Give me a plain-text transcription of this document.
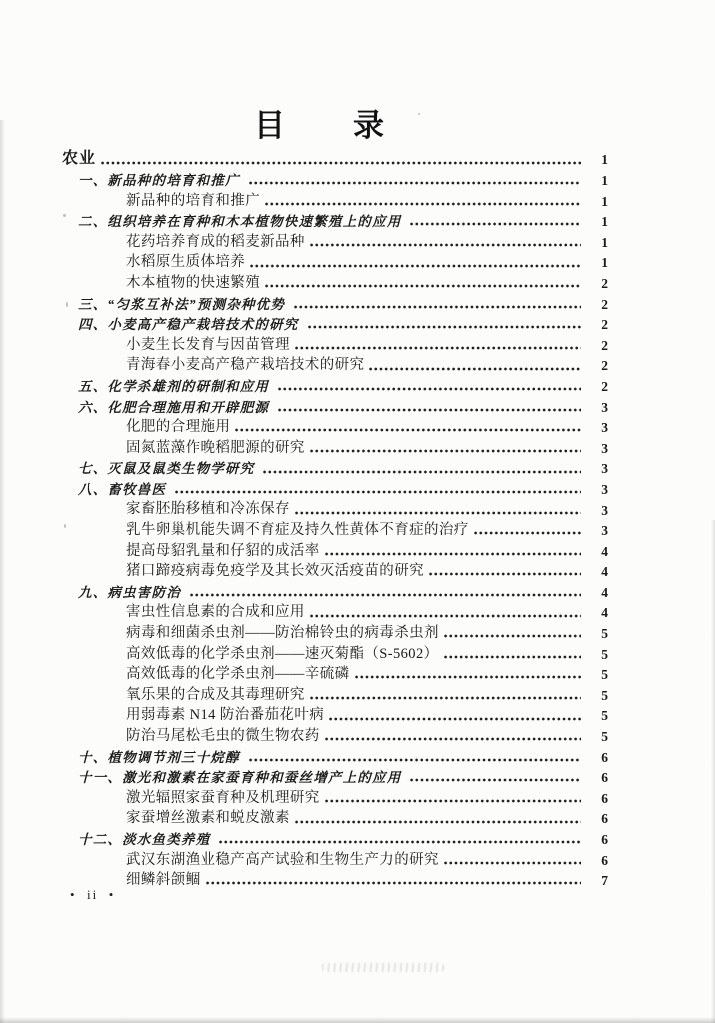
目　　录
农业	1
一、新品种的培育和推广	1
新品种的培育和推广	1
二、组织培养在育种和木本植物快速繁殖上的应用	1
花药培养育成的稻麦新品种	1
水稻原生质体培养	1
木本植物的快速繁殖	2
三、“匀浆互补法”预测杂种优势	2
四、小麦高产稳产栽培技术的研究	2
小麦生长发育与因苗管理	2
青海春小麦高产稳产栽培技术的研究	2
五、化学杀雄剂的研制和应用	2
六、化肥合理施用和开辟肥源	3
化肥的合理施用	3
固氮蓝藻作晚稻肥源的研究	3
七、灭鼠及鼠类生物学研究	3
八、畜牧兽医	3
家畜胚胎移植和冷冻保存	3
乳牛卵巢机能失调不育症及持久性黄体不育症的治疗	3
提高母貂乳量和仔貂的成活率	4
猪口蹄疫病毒免疫学及其长效灭活疫苗的研究	4
九、病虫害防治	4
害虫性信息素的合成和应用	4
病毒和细菌杀虫剂——防治棉铃虫的病毒杀虫剂	5
高效低毒的化学杀虫剂——速灭菊酯（S-5602）	5
高效低毒的化学杀虫剂——辛硫磷	5
氧乐果的合成及其毒理研究	5
用弱毒素 N14 防治番茄花叶病	5
防治马尾松毛虫的微生物农药	5
十、植物调节剂三十烷醇	6
十一、激光和激素在家蚕育种和蚕丝增产上的应用	6
激光辐照家蚕育种及机理研究	6
家蚕增丝激素和蜕皮激素	6
十二、淡水鱼类养殖	6
武汉东湖渔业稳产高产试验和生物生产力的研究	6
细鳞斜颌鲴	7
•  ii  •
